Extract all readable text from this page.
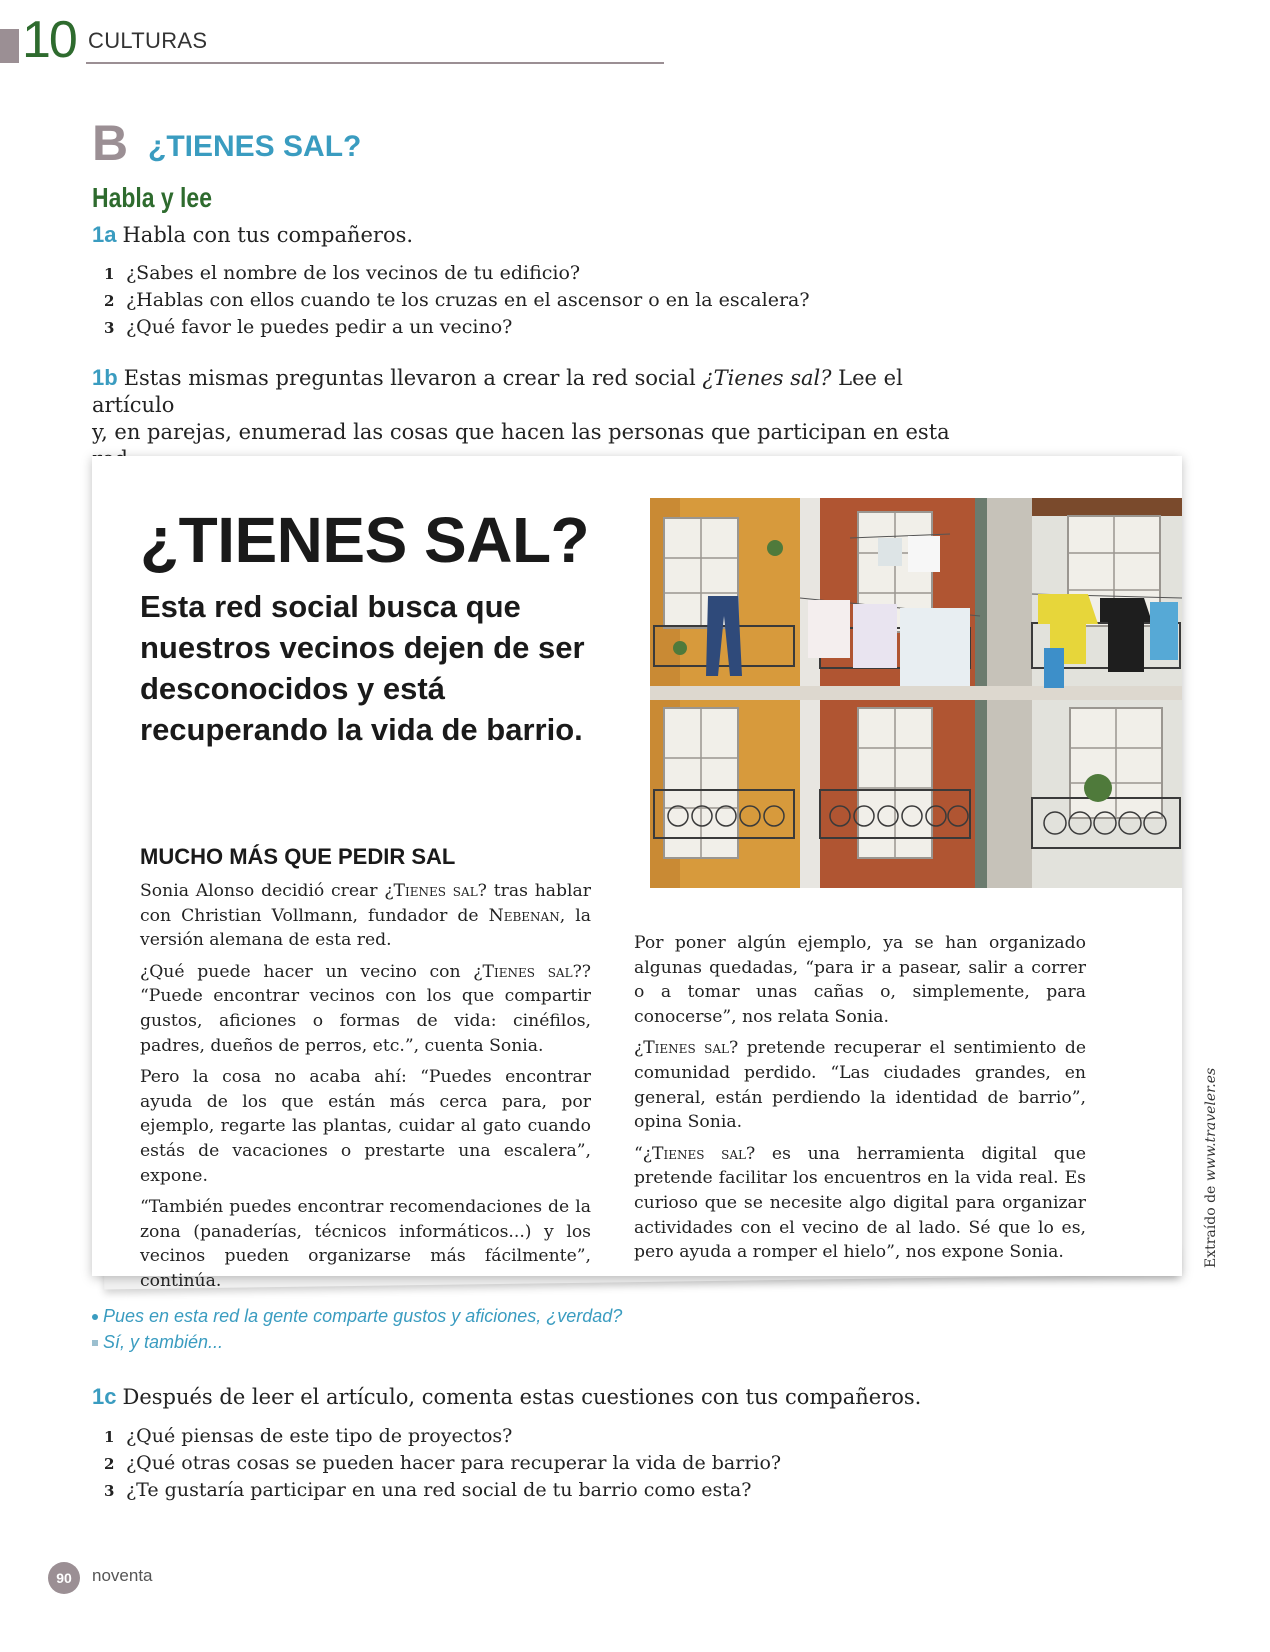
10 CULTURAS
B ¿TIENES SAL?
Habla y lee
1a Habla con tus compañeros.
1 ¿Sabes el nombre de los vecinos de tu edificio?
2 ¿Hablas con ellos cuando te los cruzas en el ascensor o en la escalera?
3 ¿Qué favor le puedes pedir a un vecino?
1b Estas mismas preguntas llevaron a crear la red social ¿Tienes sal? Lee el artículo
y, en parejas, enumerad las cosas que hacen las personas que participan en esta
¿TIENES SAL?
Esta red social busca que nuestros vecinos dejen de ser desconocidos y está recuperando la vida de barrio.
MUCHO MÁS QUE PEDIR SAL

Sonia Alonso decidió crear ¿Tienes sal? tras hablar con Christian Vollmann, fundador de Nebenan, la versión alemana de esta red.

¿Qué puede hacer un vecino con ¿Tienes sal?? “Puede encontrar vecinos con los que compartir gustos, aficiones o formas de vida: cinéfilos, padres, dueños de perros, etc.”, cuenta Sonia.

Pero la cosa no acaba ahí: “Puedes encontrar ayuda de los que están más cerca para, por ejemplo, regarte las plantas, cuidar al gato cuando estás de vacaciones o prestarte una escalera”, expone.

“También puedes encontrar recomendaciones de la zona (panaderías, técnicos informáticos...) y los vecinos pueden organizarse más fácilmente”, continúa.

Por poner algún ejemplo, ya se han organizado algunas quedadas, “para ir a pasear, salir a correr o a tomar unas cañas o, simplemente, para conocerse”, nos relata Sonia.

¿Tienes sal? pretende recuperar el sentimiento de comunidad perdido. “Las ciudades grandes, en general, están perdiendo la identidad de barrio”, opina Sonia.

“¿Tienes sal? es una herramienta digital que pretende facilitar los encuentros en la vida real. Es curioso que se necesite algo digital para organizar actividades con el vecino de al lado. Sé que lo es, pero ayuda a romper el hielo”, nos expone Sonia.	Extraído de www.traveler.es
Pues en esta red la gente comparte gustos y aficiones, ¿verdad?
Sí, y también...
1c Después de leer el artículo, comenta estas cuestiones con tus compañeros.
1 ¿Qué piensas de este tipo de proyectos?
2 ¿Qué otras cosas se pueden hacer para recuperar la vida de barrio?
3 ¿Te gustaría participar en una red social de tu barrio como esta?
90	noventa
